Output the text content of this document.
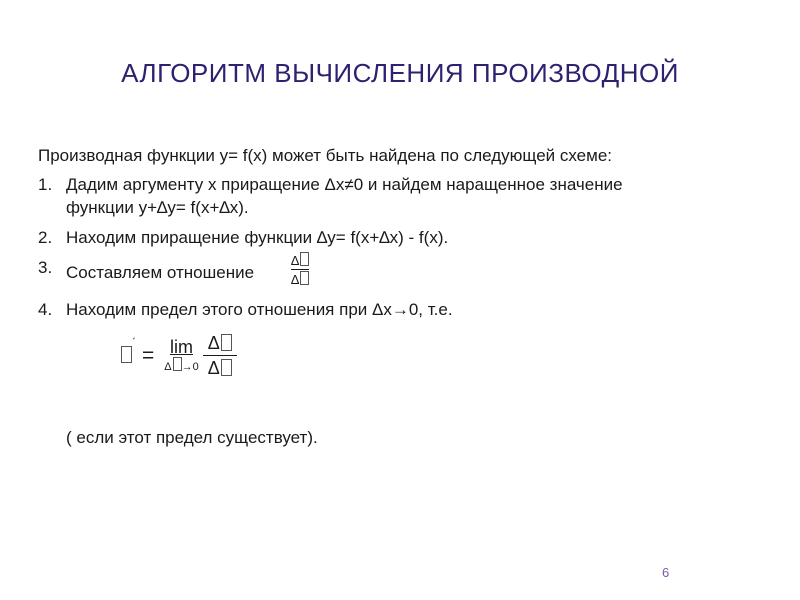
АЛГОРИТМ ВЫЧИСЛЕНИЯ ПРОИЗВОДНОЙ
Производная функции y= f(x) может быть найдена по следующей схеме:
1. Дадим аргументу x приращение Δx≠0 и найдем наращенное значение
функции y+∆y= f(x+∆x).
2. Находим приращение функции ∆y= f(x+∆x) - f(x).
3. Составляем отношение	$\frac{\Delta}{\Delta}$
4. Находим предел этого отношения при Δx→0, т.е.
´
= lim
$\Delta \to 0 \frac{\Delta}{\Delta}$
( если этот предел существует).
6
